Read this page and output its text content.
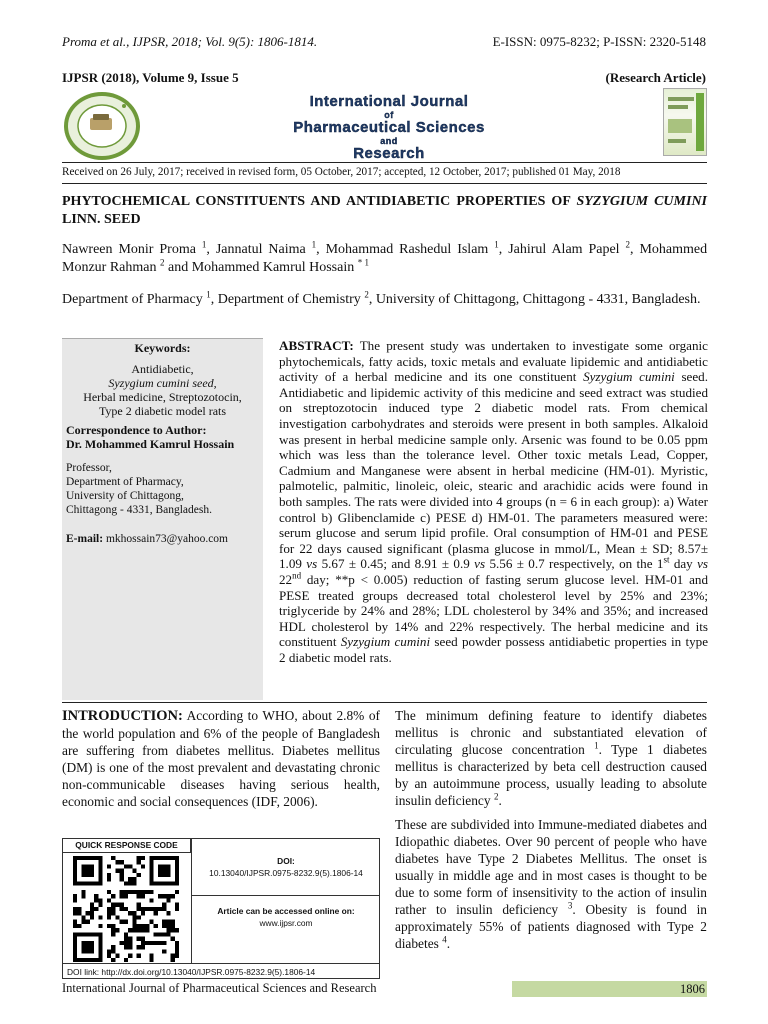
Proma et al., IJPSR, 2018; Vol. 9(5): 1806-1814.	E-ISSN: 0975-8232; P-ISSN: 2320-5148
IJPSR (2018), Volume 9, Issue 5	(Research Article)
International Journal
of
Pharmaceutical Sciences
and
Research
Received on 26 July, 2017; received in revised form, 05 October, 2017; accepted, 12 October, 2017; published 01 May, 2018
PHYTOCHEMICAL CONSTITUENTS AND ANTIDIABETIC PROPERTIES OF SYZYGIUM CUMINI LINN. SEED
Nawreen Monir Proma $^1$, Jannatul Naima $^1$, Mohammad Rashedul Islam $^1$, Jahirul Alam Papel $^2$, Mohammed Monzur Rahman $^2$ and Mohammed Kamrul Hossain $^{* 1}$
Department of Pharmacy $^1$, Department of Chemistry $^2$, University of Chittagong, Chittagong - 4331, Bangladesh.
Keywords:
Antidiabetic,
Syzygium cumini seed,
Herbal medicine, Streptozotocin,
Type 2 diabetic model rats
Correspondence to Author:
Dr. Mohammed Kamrul Hossain
Professor,
Department of Pharmacy,
University of Chittagong,
Chittagong - 4331, Bangladesh.
E-mail: mkhossain73@yahoo.com
ABSTRACT: The present study was undertaken to investigate some organic phytochemicals, fatty acids, toxic metals and evaluate lipidemic and antidiabetic activity of a herbal medicine and its one constituent Syzygium cumini seed. Antidiabetic and lipidemic activity of this medicine and seed extract was studied on streptozotocin induced type 2 diabetic model rats. From chemical investigation carbohydrates and steroids were present in both samples. Alkaloid was present in herbal medicine sample only. Arsenic was found to be 0.05 ppm which was less than the tolerance level. Other toxic metals Lead, Copper, Cadmium and Manganese were absent in herbal medicine (HM-01). Myristic, palmotelic, palmitic, linoleic, oleic, stearic and arachidic acids were found in both samples. The rats were divided into 4 groups (n = 6 in each group): a) Water control b) Glibenclamide c) PESE d) HM-01. The parameters measured were: serum glucose and serum lipid profile. Oral consumption of HM-01 and PESE for 22 days caused significant (plasma glucose in mmol/L, Mean ± SD; 8.57± 1.09 vs 5.67 ± 0.45; and 8.91 ± 0.9 vs 5.56 ± 0.7 respectively, on the 1st day vs 22nd day; **p < 0.005) reduction of fasting serum glucose level. HM-01 and PESE treated groups decreased total cholesterol level by 25% and 23%; triglyceride by 24% and 28%; LDL cholesterol by 34% and 35%; and increased HDL cholesterol by 14% and 22% respectively. The herbal medicine and its constituent Syzygium cumini seed powder possess antidiabetic properties in type 2 diabetic model rats.
INTRODUCTION: According to WHO, about 2.8% of the world population and 6% of the people of Bangladesh are suffering from diabetes mellitus. Diabetes mellitus (DM) is one of the most prevalent and devastating chronic non-communicable diseases having serious health, economic and social consequences (IDF, 2006).
QUICK RESPONSE CODE
DOI:
10.13040/IJPSR.0975-8232.9(5).1806-14
Article can be accessed online on:
www.ijpsr.com
DOI link: http://dx.doi.org/10.13040/IJPSR.0975-8232.9(5).1806-14

The minimum defining feature to identify diabetes mellitus is chronic and substantiated elevation of circulating glucose concentration $^1$. Type 1 diabetes mellitus is characterized by beta cell destruction caused by an autoimmune process, usually leading to absolute insulin deficiency $^2$.

These are subdivided into Immune-mediated diabetes and Idiopathic diabetes. Over 90 percent of people who have diabetes have Type 2 Diabetes Mellitus. The onset is usually in middle age and in most cases is thought to be due to some form of insensitivity to the action of insulin rather to insulin deficiency $^3$. Obesity is found in approximately 55% of patients diagnosed with Type 2 diabetes $^4$.

International Journal of Pharmaceutical Sciences and Research	1806
